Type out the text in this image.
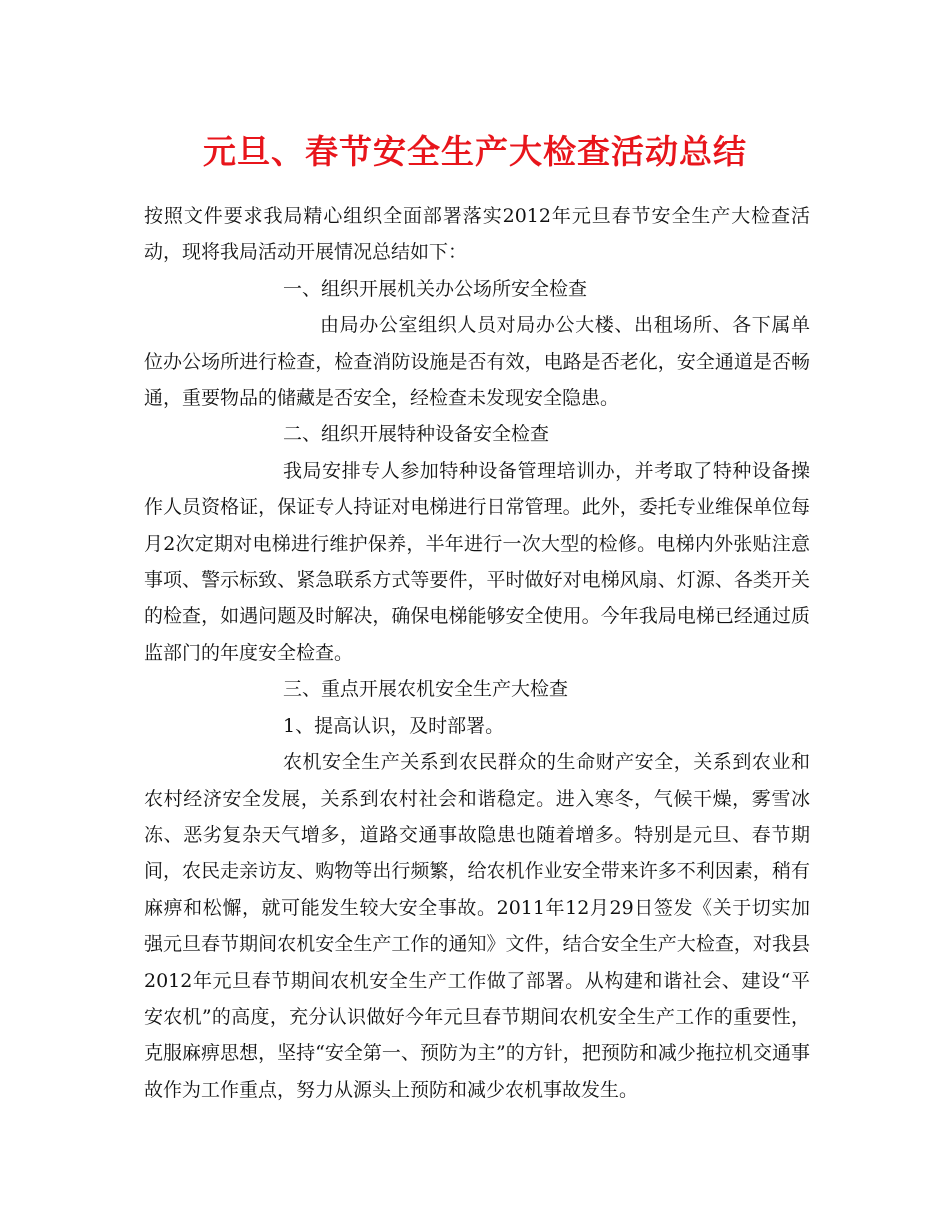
元旦、春节安全生产大检查活动总结

按照文件要求我局精心组织全面部署落实2012年元旦春节安全生产大检查活动，现将我局活动开展情况总结如下：

一、组织开展机关办公场所安全检查

由局办公室组织人员对局办公大楼、出租场所、各下属单位办公场所进行检查，检查消防设施是否有效，电路是否老化，安全通道是否畅通，重要物品的储藏是否安全，经检查未发现安全隐患。

二、组织开展特种设备安全检查

我局安排专人参加特种设备管理培训办，并考取了特种设备操作人员资格证，保证专人持证对电梯进行日常管理。此外，委托专业维保单位每月2次定期对电梯进行维护保养，半年进行一次大型的检修。电梯内外张贴注意事项、警示标致、紧急联系方式等要件，平时做好对电梯风扇、灯源、各类开关的检查，如遇问题及时解决，确保电梯能够安全使用。今年我局电梯已经通过质监部门的年度安全检查。

三、重点开展农机安全生产大检查

1、提高认识，及时部署。

农机安全生产关系到农民群众的生命财产安全，关系到农业和农村经济安全发展，关系到农村社会和谐稳定。进入寒冬，气候干燥，雾雪冰冻、恶劣复杂天气增多，道路交通事故隐患也随着增多。特别是元旦、春节期间，农民走亲访友、购物等出行频繁，给农机作业安全带来许多不利因素，稍有麻痹和松懈，就可能发生较大安全事故。2011年12月29日签发《关于切实加强元旦春节期间农机安全生产工作的通知》文件，结合安全生产大检查，对我县2012年元旦春节期间农机安全生产工作做了部署。从构建和谐社会、建设“平安农机”的高度，充分认识做好今年元旦春节期间农机安全生产工作的重要性，克服麻痹思想，坚持“安全第一、预防为主”的方针，把预防和减少拖拉机交通事故作为工作重点，努力从源头上预防和减少农机事故发生。
